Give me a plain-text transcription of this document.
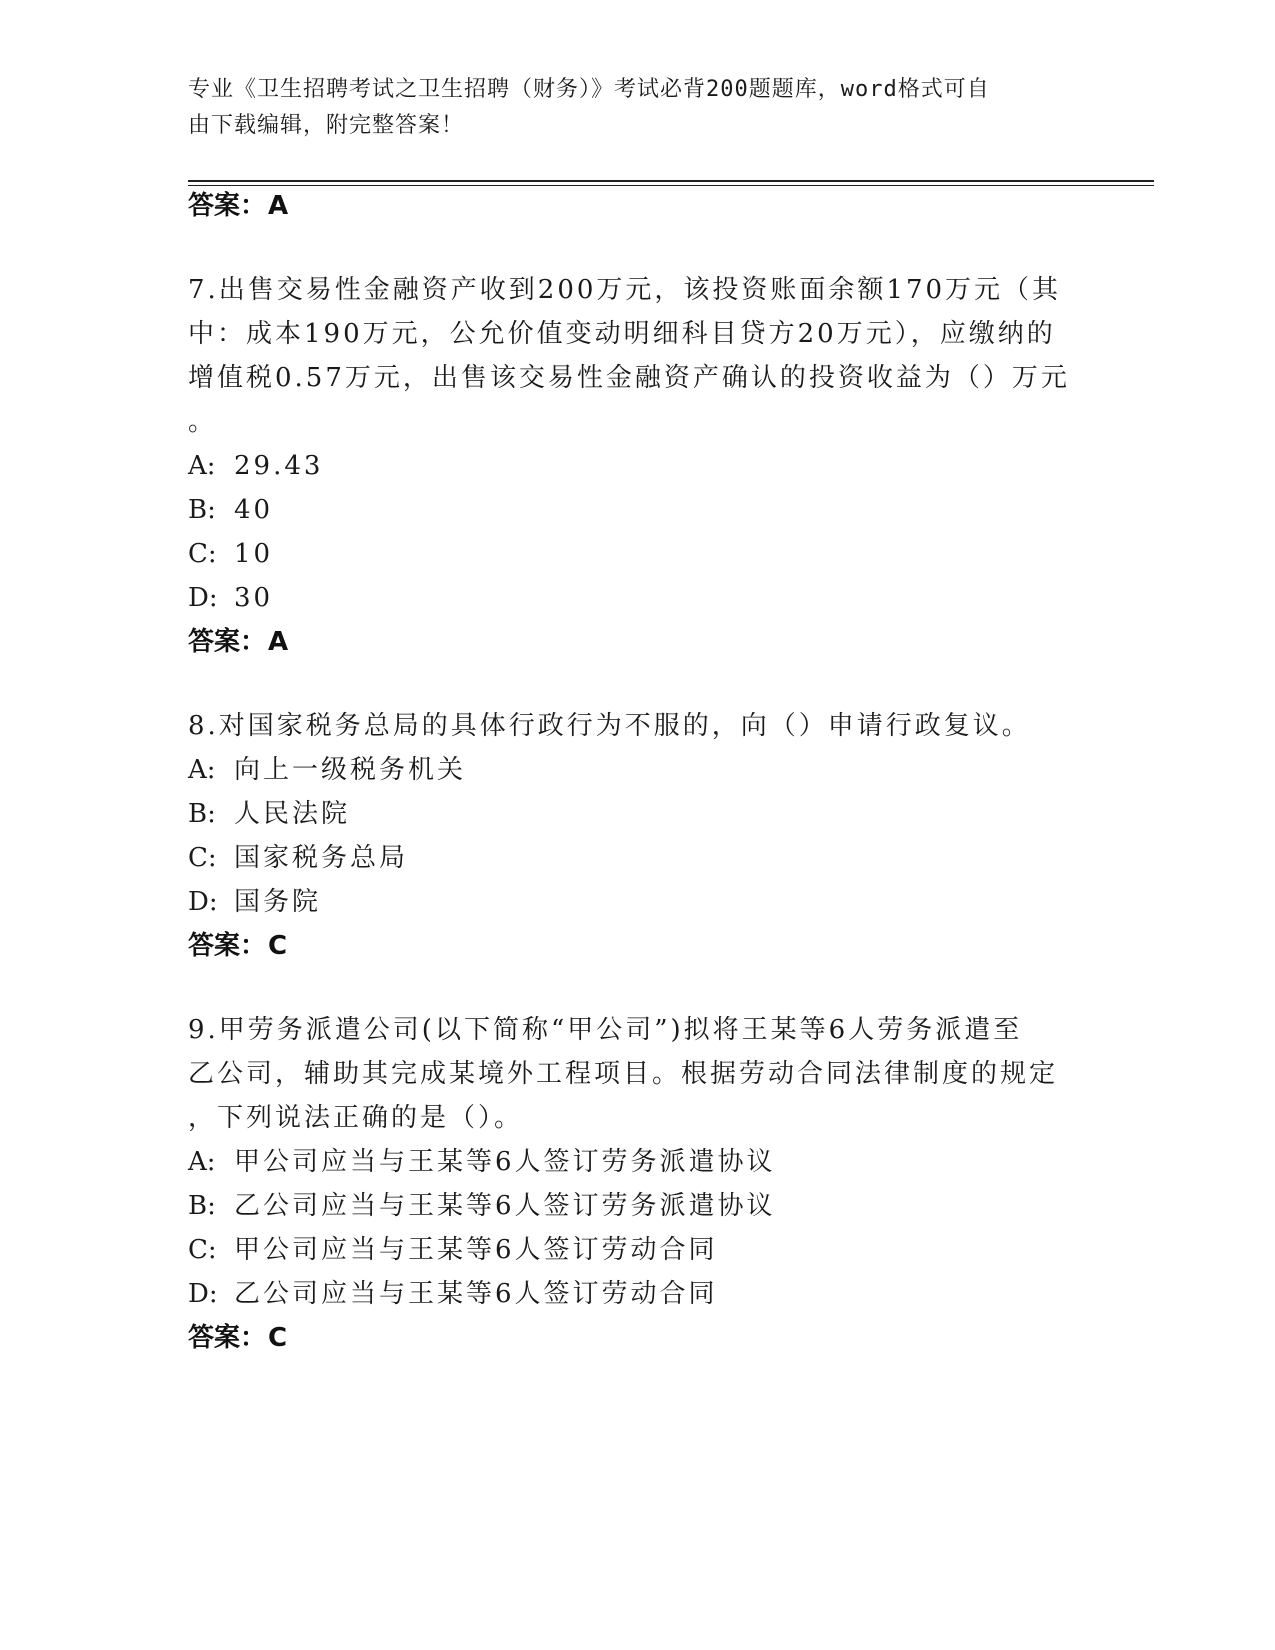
专业《卫生招聘考试之卫生招聘（财务）》考试必背200题题库，word格式可自
由下载编辑，附完整答案！
答案：A
7.出售交易性金融资产收到200万元，该投资账面余额170万元（其
中：成本190万元，公允价值变动明细科目贷方20万元），应缴纳的
增值税0.57万元，出售该交易性金融资产确认的投资收益为（）万元
。
A: 29.43
B: 40
C: 10
D: 30
答案：A
8.对国家税务总局的具体行政行为不服的，向（）申请行政复议。
A: 向上一级税务机关
B: 人民法院
C: 国家税务总局
D: 国务院
答案：C
9.甲劳务派遣公司(以下简称“甲公司”)拟将王某等6人劳务派遣至
乙公司，辅助其完成某境外工程项目。根据劳动合同法律制度的规定
，下列说法正确的是（）。
A: 甲公司应当与王某等6人签订劳务派遣协议
B: 乙公司应当与王某等6人签订劳务派遣协议
C: 甲公司应当与王某等6人签订劳动合同
D: 乙公司应当与王某等6人签订劳动合同
答案：C
